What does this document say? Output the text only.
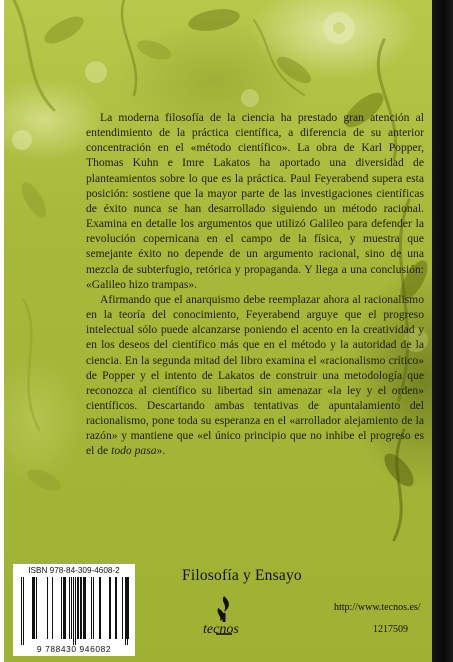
La moderna filosofía de la ciencia ha prestado gran atención al entendimiento de la práctica científica, a diferencia de su anterior concentración en el «método científico». La obra de Karl Popper, Thomas Kuhn e Imre Lakatos ha aportado una diversidad de planteamientos sobre lo que es la práctica. Paul Feyerabend supera esta posición: sostiene que la mayor parte de las investigaciones científicas de éxito nunca se han desarrollado siguiendo un método racional. Examina en detalle los argumentos que utilizó Galileo para defender la revolución copernicana en el campo de la física, y muestra que semejante éxito no depende de un argumento racional, sino de una mezcla de subterfugio, retórica y propaganda. Y llega a una conclusión: «Galileo hizo trampas».

Afirmando que el anarquismo debe reemplazar ahora al racionalismo en la teoría del conocimiento, Feyerabend arguye que el progreso intelectual sólo puede alcanzarse poniendo el acento en la creatividad y en los deseos del científico más que en el método y la autoridad de la ciencia. En la segunda mitad del libro examina el «racionalismo crítico» de Popper y el intento de Lakatos de construir una metodología que reconozca al científico su libertad sin amenazar «la ley y el orden» científicos. Descartando ambas tentativas de apuntalamiento del racionalismo, pone toda su esperanza en el «arrollador alejamiento de la razón» y mantiene que «el único principio que no inhibe el progreso es el de todo pasa».

ISBN 978-84-309-4608-2
9 788430 946082
Filosofía y Ensayo
tecnos
http://www.tecnos.es/
1217509
